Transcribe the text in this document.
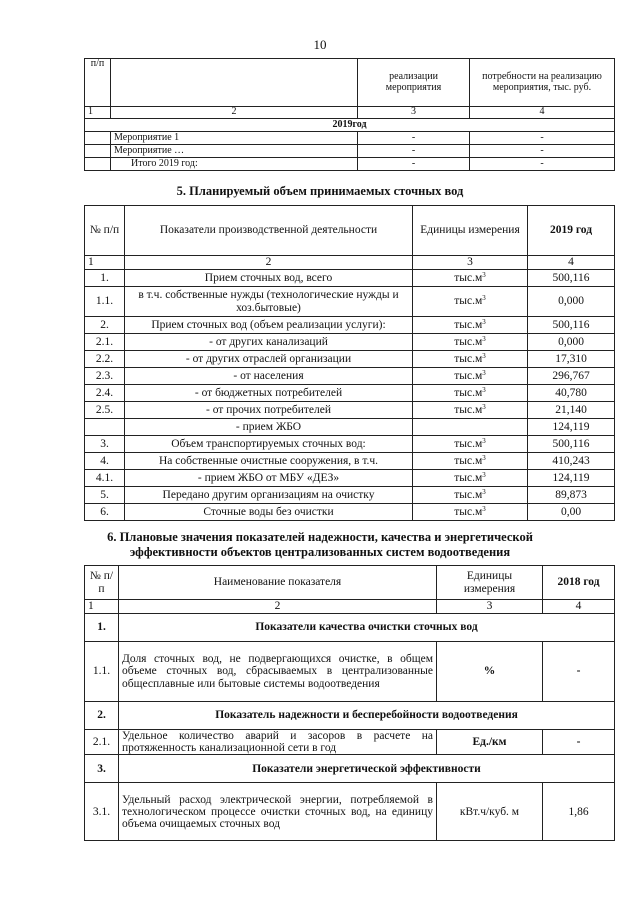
10
п/п		реализации мероприятия	потребности на реализацию мероприятия, тыс. руб.
1	2	3	4
2019год			
	Мероприятие 1	-	-
	Мероприятие …	-	-
	Итого 2019 год:	-	-
5. Планируемый объем принимаемых сточных вод
№ п/п	Показатели производственной деятельности	Единицы измерения	2019 год
1	2	3	4
1.	Прием сточных вод, всего	$тыс.м^3$	500,116
1.1.	в т.ч. собственные нужды (технологические нужды и хоз.бытовые)	$тыс.м^3$	0,000
2.	Прием сточных вод (объем реализации услуги):	$тыс.м^3$	500,116
2.1.	- от других канализаций	$тыс.м^3$	0,000
2.2.	- от других отраслей организации	$тыс.м^3$	17,310
2.3.	- от населения	$тыс.м^3$	296,767
2.4.	- от бюджетных потребителей	$тыс.м^3$	40,780
2.5.	- от прочих потребителей	$тыс.м^3$	21,140
	- прием ЖБО		124,119
3.	Объем транспортируемых сточных вод:	$тыс.м^3$	500,116
4.	На собственные очистные сооружения, в т.ч.	$тыс.м^3$	410,243
4.1.	- прием ЖБО от МБУ «ДЕЗ»	$тыс.м^3$	124,119
5.	Передано другим организациям на очистку	$тыс.м^3$	89,873
6.	Сточные воды без очистки	$тыс.м^3$	0,00
6. Плановые значения показателей надежности, качества и энергетической
эффективности объектов централизованных систем водоотведения
№ п/п	Наименование показателя	Единицы измерения	2018 год
1	2	3	4
1.	Показатели качества очистки сточных вод		
1.1.	Доля сточных вод, не подвергающихся очистке, в общем объеме сточных вод, сбрасываемых в централизованные общесплавные или бытовые системы водоотведения	%	-
2.	Показатель надежности и бесперебойности водоотведения		
2.1.	Удельное количество аварий и засоров в расчете на протяженность канализационной сети в год	Ед./км	-
3.	Показатели энергетической эффективности		
3.1.	Удельный расход электрической энергии, потребляемой в технологическом процессе очистки сточных вод, на единицу объема очищаемых сточных вод	кВт.ч/куб. м	1,86
